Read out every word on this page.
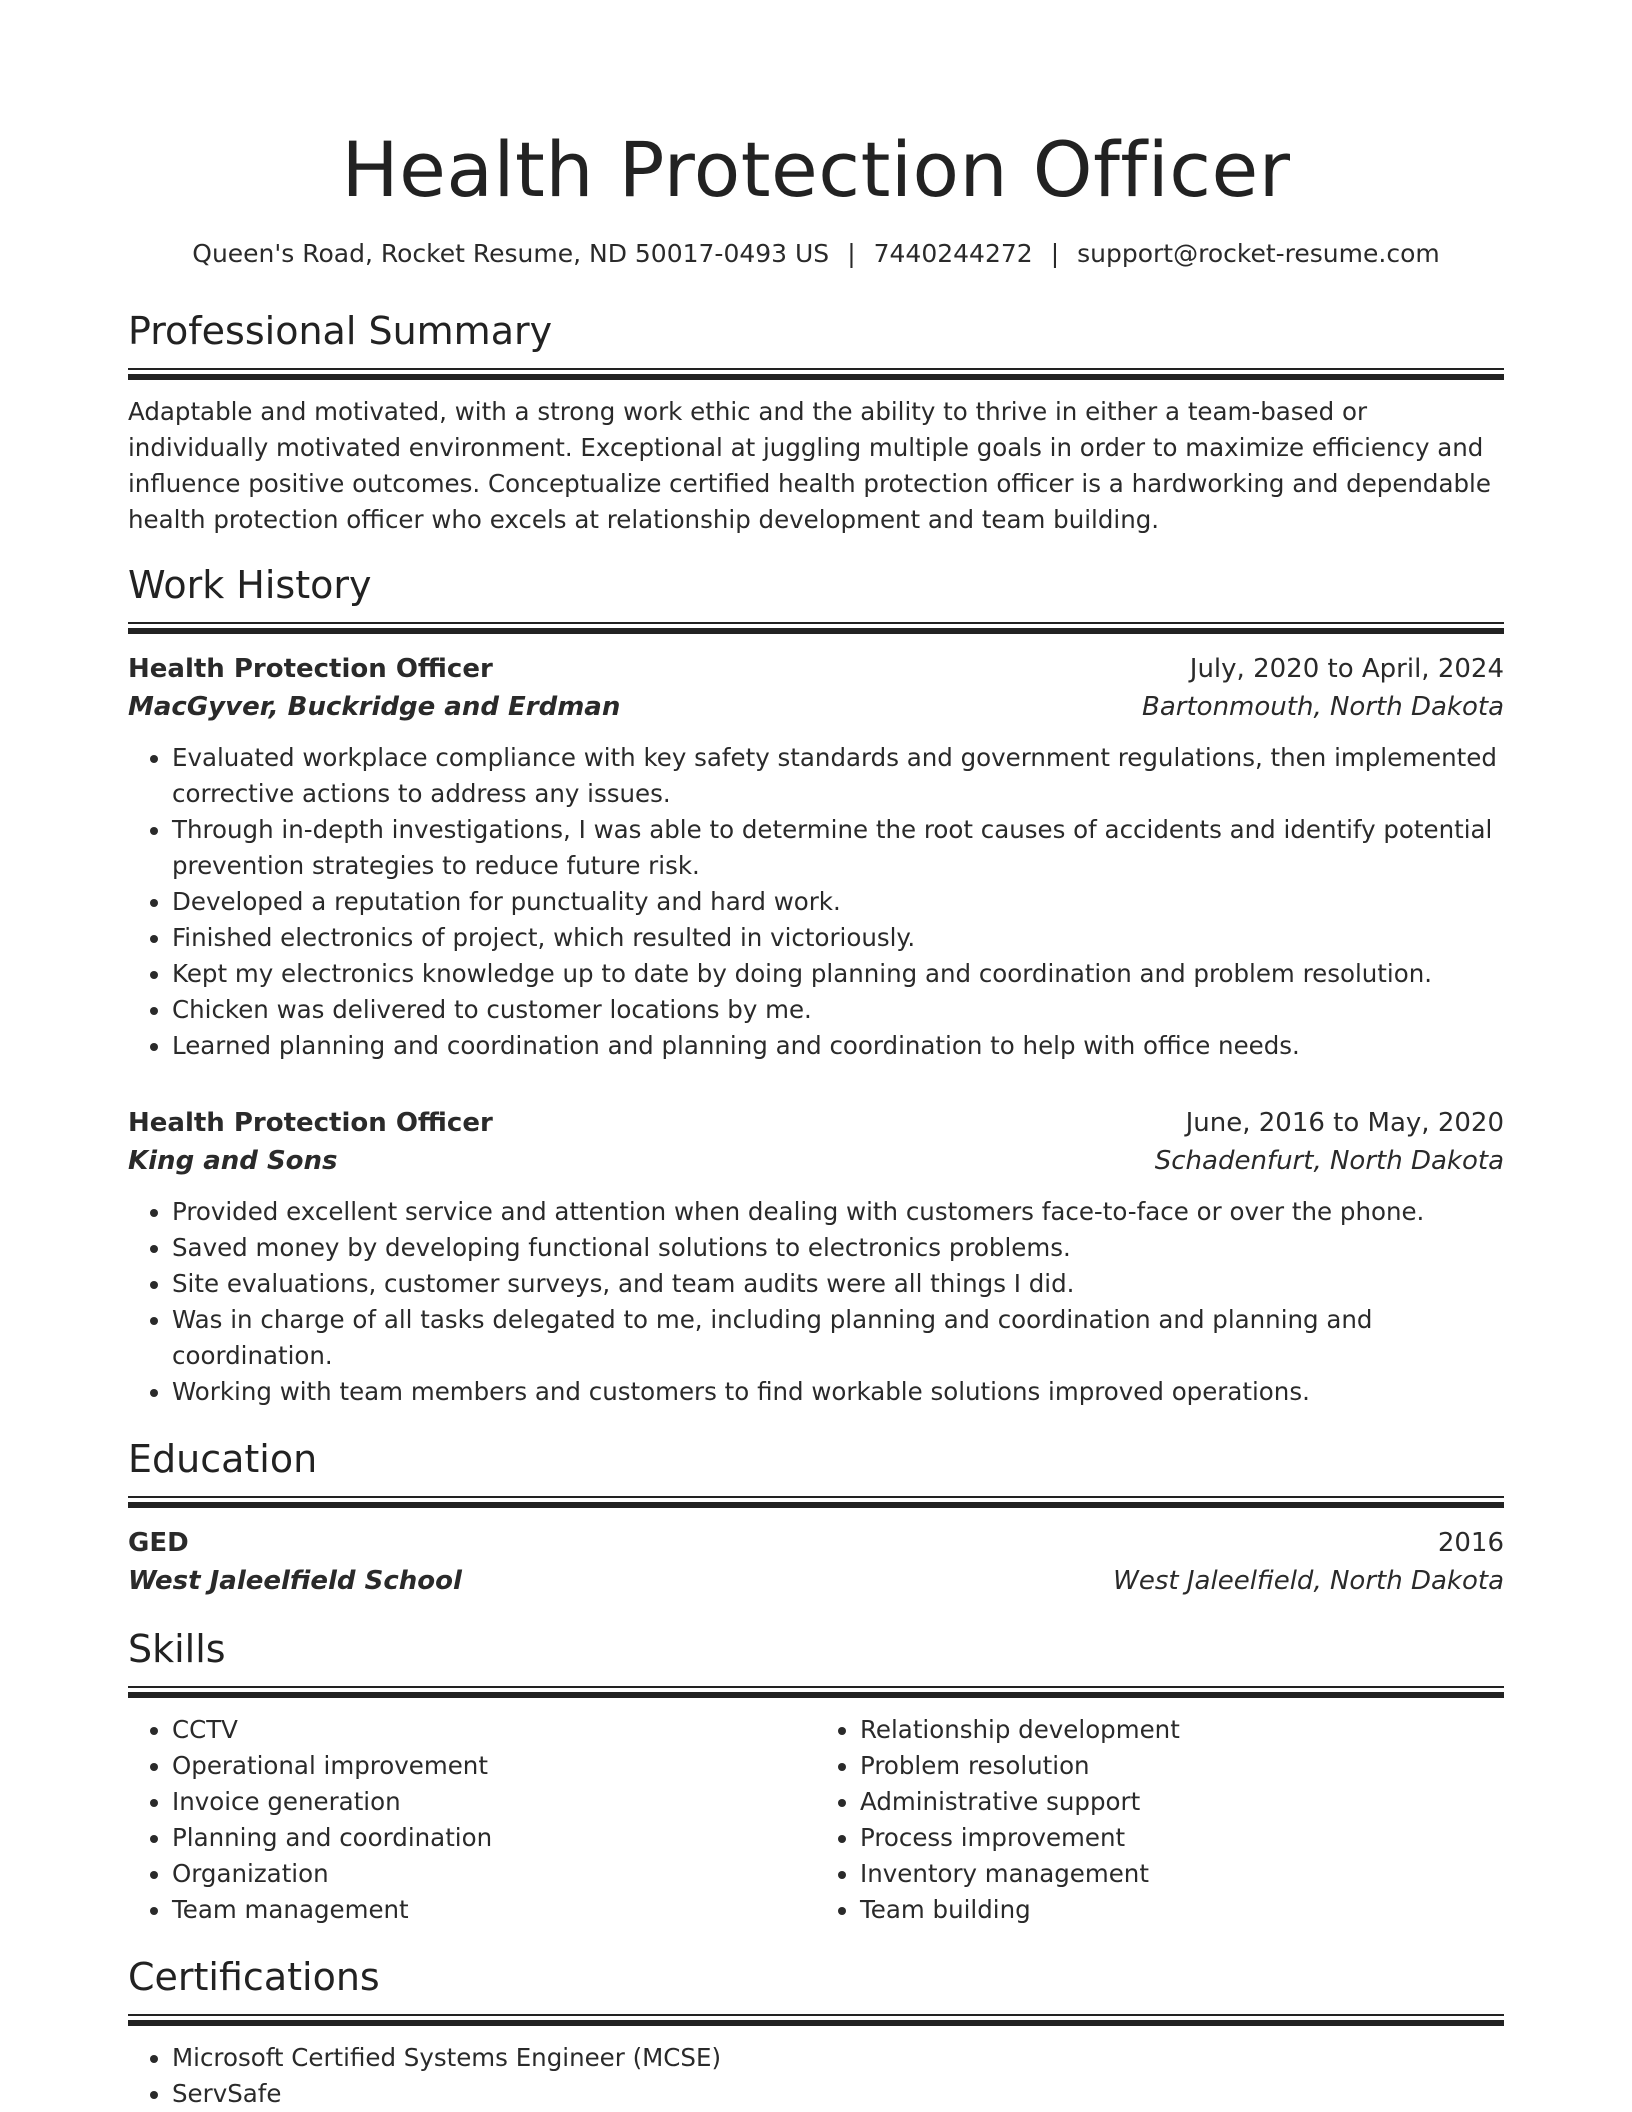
Health Protection Officer
Queen's Road, Rocket Resume, ND 50017-0493 US | 7440244272 | support@rocket-resume.com
Professional Summary

Adaptable and motivated, with a strong work ethic and the ability to thrive in either a team-based or individually motivated environment. Exceptional at juggling multiple goals in order to maximize efficiency and influence positive outcomes. Conceptualize certified health protection officer is a hardworking and dependable health protection officer who excels at relationship development and team building.

Work History
Health Protection Officer	July, 2020 to April, 2024
MacGyver, Buckridge and Erdman	Bartonmouth, North Dakota
• Evaluated workplace compliance with key safety standards and government regulations, then implemented corrective actions to address any issues.
• Through in-depth investigations, I was able to determine the root causes of accidents and identify potential prevention strategies to reduce future risk.
• Developed a reputation for punctuality and hard work.
• Finished electronics of project, which resulted in victoriously.
• Kept my electronics knowledge up to date by doing planning and coordination and problem resolution.
• Chicken was delivered to customer locations by me.
• Learned planning and coordination and planning and coordination to help with office needs.
Health Protection Officer	June, 2016 to May, 2020
King and Sons	Schadenfurt, North Dakota
• Provided excellent service and attention when dealing with customers face-to-face or over the phone.
• Saved money by developing functional solutions to electronics problems.
• Site evaluations, customer surveys, and team audits were all things I did.
• Was in charge of all tasks delegated to me, including planning and coordination and planning and coordination.
• Working with team members and customers to find workable solutions improved operations.
Education
GED	2016
West Jaleelfield School	West Jaleelfield, North Dakota
Skills
• CCTV
• Operational improvement
• Invoice generation
• Planning and coordination
• Organization
• Team management
• Relationship development
• Problem resolution
• Administrative support
• Process improvement
• Inventory management
• Team building
Certifications
• Microsoft Certified Systems Engineer (MCSE)
• ServSafe
